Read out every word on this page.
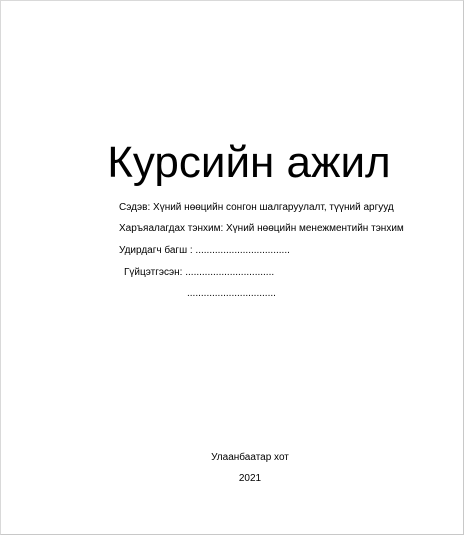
Курсийн ажил
Сэдэв: Хүний нөөцийн сонгон шалгаруулалт, түүний аргууд
Харъяалагдах тэнхим: Хүний нөөцийн менежментийн тэнхим
Удирдагч багш : ..................................
Гүйцэтгэсэн: ................................
................................
Улаанбаатар хот
2021
